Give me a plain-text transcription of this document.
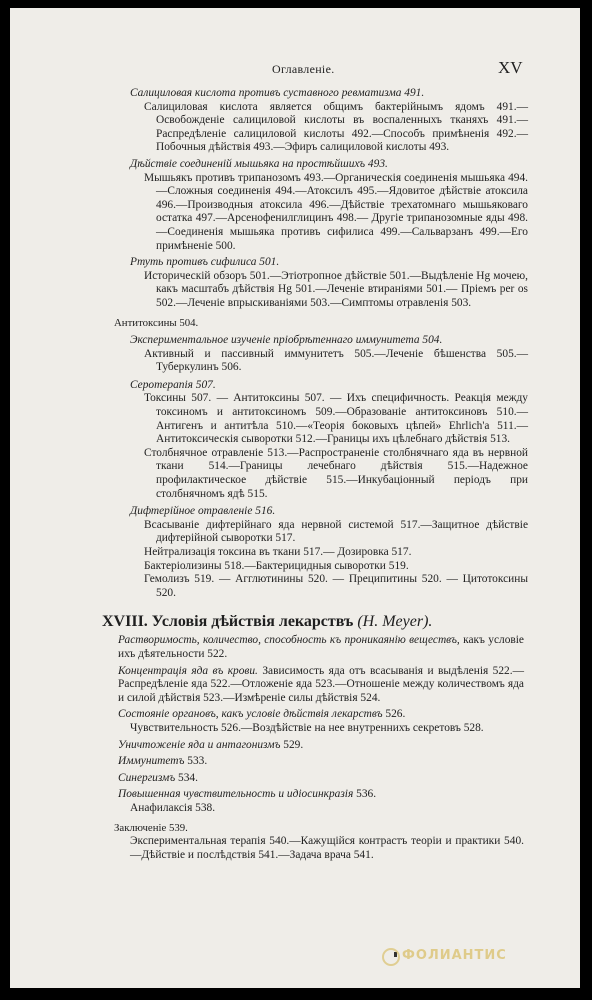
Оглавленіе.	XV

Салициловая кислота противъ суставного ревматизма 491.

Салициловая кислота является общимъ бактерійнымъ ядомъ 491.— Освобожденіе салициловой кислоты въ воспаленныхъ тканяхъ 491.— Распредѣленіе салициловой кислоты 492.—Способъ примѣненія 492.— Побочныя дѣйствія 493.—Эфиръ салициловой кислоты 493.

Дѣйствіе соединеній мышьяка на простѣйшихъ 493.

Мышьякъ противъ трипанозомъ 493.—Органическія соединенія мышьяка 494.—Сложныя соединенія 494.—Атоксилъ 495.—Ядовитое дѣйствіе атоксила 496.—Производныя атоксила 496.—Дѣйствіе трехатомнаго мышьяковаго остатка 497.—Арсенофенилглицинъ 498.— Другіе трипанозомные яды 498.—Соединенія мышьяка противъ сифилиса 499.—Сальварзанъ 499.—Его примѣненіе 500.

Ртуть противъ сифилиса 501.

Историческій обзоръ 501.—Этіотропное дѣйствіе 501.—Выдѣленіе Hg мочею, какъ масштабъ дѣйствія Hg 501.—Леченіе втираніями 501.— Пріемъ per os 502.—Леченіе впрыскиваніями 503.—Симптомы отравленія 503.

Антитоксины 504.

Экспериментальное изученіе пріобрѣтеннаго иммунитета 504.

Активный и пассивный иммунитетъ 505.—Леченіе бѣшенства 505.— Туберкулинъ 506.

Серотерапія 507.

Токсины 507. — Антитоксины 507. — Ихъ специфичность. Реакція между токсиномъ и антитоксиномъ 509.—Образованіе антитоксиновъ 510.—Антигенъ и антитѣла 510.—«Теорія боковыхъ цѣпей» Ehrlich'а 511.—Антитоксическія сыворотки 512.—Границы ихъ цѣлебнаго дѣйствія 513.

Столбнячное отравленіе 513.—Распространеніе столбнячнаго яда въ нервной ткани 514.—Границы лечебнаго дѣйствія 515.—Надежное профилактическое дѣйствіе 515.—Инкубаціонный періодъ при столбнячномъ ядѣ 515.

Дифтерійное отравленіе 516.

Всасываніе дифтерійнаго яда нервной системой 517.—Защитное дѣйствіе дифтерійной сыворотки 517.

Нейтрализація токсина въ ткани 517.— Дозировка 517.

Бактеріолизины 518.—Бактерицидныя сыворотки 519.

Гемолизъ 519. — Агглютинины 520. — Преципитины 520. — Цитотоксины 520.

XVIII. Условія дѣйствія лекарствъ (H. Meyer).

Растворимость, количество, способность къ проникаянію веществъ, какъ условіе ихъ дѣятельности 522.

Концентрація яда въ крови. Зависимость яда отъ всасыванія и выдѣленія 522.—Распредѣленіе яда 522.—Отложеніе яда 523.—Отношеніе между количествомъ яда и силой дѣйствія 523.—Измѣреніе силы дѣйствія 524.

Состояніе органовъ, какъ условіе дѣйствія лекарствъ 526.

Чувствительность 526.—Воздѣйствіе на нее внутреннихъ секретовъ 528.

Уничтоженіе яда и антагонизмъ 529.

Иммунитетъ 533.

Синергизмъ 534.

Повышенная чувствительность и идіосинкразія 536.

Анафилаксія 538.

Заключеніе 539.

Экспериментальная терапія 540.—Кажущійся контрастъ теоріи и практики 540.—Дѣйствіе и послѣдствія 541.—Задача врача 541.

ФОЛИАНТИС
